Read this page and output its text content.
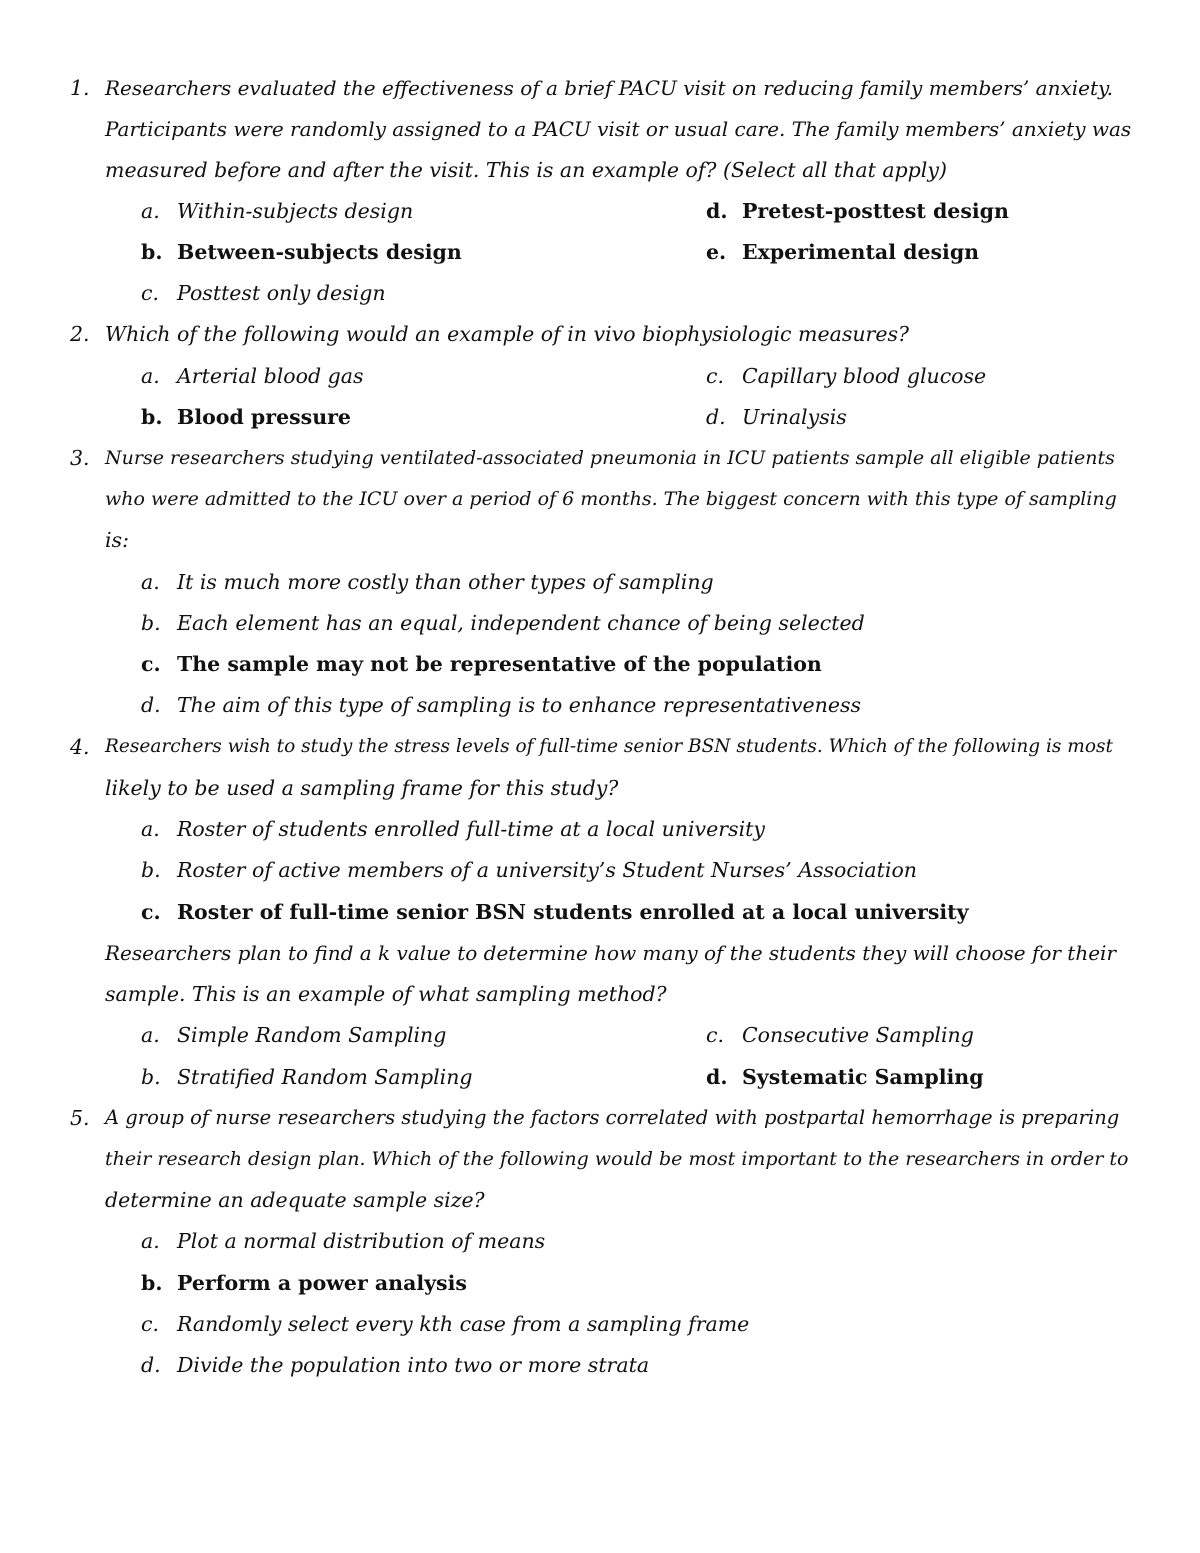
1. Researchers evaluated the effectiveness of a brief PACU visit on reducing family members’ anxiety.
Participants were randomly assigned to a PACU visit or usual care. The family members’ anxiety was
measured before and after the visit. This is an example of? (Select all that apply)
a. Within-subjects design	d. Pretest-posttest design
b. Between-subjects design	e. Experimental design
c. Posttest only design
2. Which of the following would an example of in vivo biophysiologic measures?
a. Arterial blood gas	c. Capillary blood glucose
b. Blood pressure	d. Urinalysis
3. Nurse researchers studying ventilated-associated pneumonia in ICU patients sample all eligible patients
who were admitted to the ICU over a period of 6 months. The biggest concern with this type of sampling
is:
a. It is much more costly than other types of sampling
b. Each element has an equal, independent chance of being selected
c. The sample may not be representative of the population
d. The aim of this type of sampling is to enhance representativeness
4. Researchers wish to study the stress levels of full-time senior BSN students. Which of the following is most
likely to be used a sampling frame for this study?
a. Roster of students enrolled full-time at a local university
b. Roster of active members of a university’s Student Nurses’ Association
c. Roster of full-time senior BSN students enrolled at a local university
Researchers plan to find a k value to determine how many of the students they will choose for their
sample. This is an example of what sampling method?
a. Simple Random Sampling	c. Consecutive Sampling
b. Stratified Random Sampling	d. Systematic Sampling
5. A group of nurse researchers studying the factors correlated with postpartal hemorrhage is preparing
their research design plan. Which of the following would be most important to the researchers in order to
determine an adequate sample size?
a. Plot a normal distribution of means
b. Perform a power analysis
c. Randomly select every kth case from a sampling frame
d. Divide the population into two or more strata
